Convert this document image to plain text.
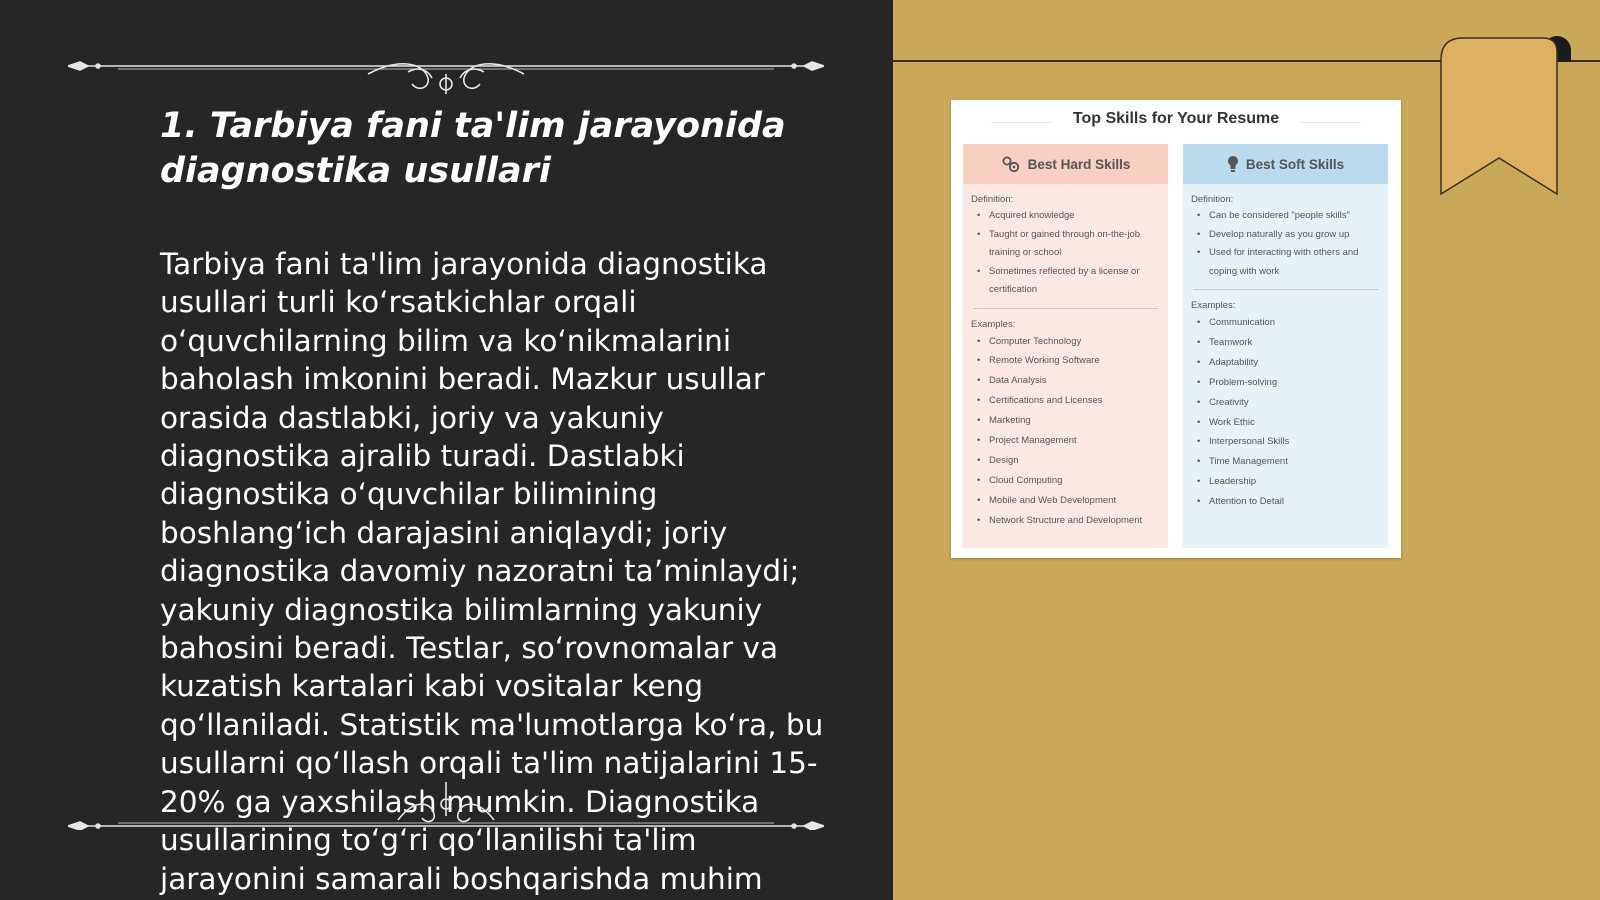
1. Tarbiya fani ta'lim jarayonida diagnostika usullari

Tarbiya fani ta'lim jarayonida diagnostika usullari turli koʻrsatkichlar orqali oʻquvchilarning bilim va koʻnikmalarini baholash imkonini beradi. Mazkur usullar orasida dastlabki, joriy va yakuniy diagnostika ajralib turadi. Dastlabki diagnostika oʻquvchilar bilimining boshlangʻich darajasini aniqlaydi; joriy diagnostika davomiy nazoratni taʼminlaydi; yakuniy diagnostika bilimlarning yakuniy bahosini beradi. Testlar, soʻrovnomalar va kuzatish kartalari kabi vositalar keng qoʻllaniladi. Statistik ma'lumotlarga koʻra, bu usullarni qoʻllash orqali ta'lim natijalarini 15-20% ga yaxshilash mumkin. Diagnostika usullarining toʻgʻri qoʻllanilishi ta'lim jarayonini samarali boshqarishda muhim

Top Skills for Your Resume
Best Hard Skills
Definition:
• Acquired knowledge
• Taught or gained through on-the-job training or school
• Sometimes reflected by a license or certification
Examples:
• Computer Technology
• Remote Working Software
• Data Analysis
• Certifications and Licenses
• Marketing
• Project Management
• Design
• Cloud Computing
• Mobile and Web Development
• Network Structure and Development
Best Soft Skills
Definition:
• Can be considered "people skills"
• Develop naturally as you grow up
• Used for interacting with others and coping with work
Examples:
• Communication
• Teamwork
• Adaptability
• Problem-solving
• Creativity
• Work Ethic
• Interpersonal Skills
• Time Management
• Leadership
• Attention to Detail
